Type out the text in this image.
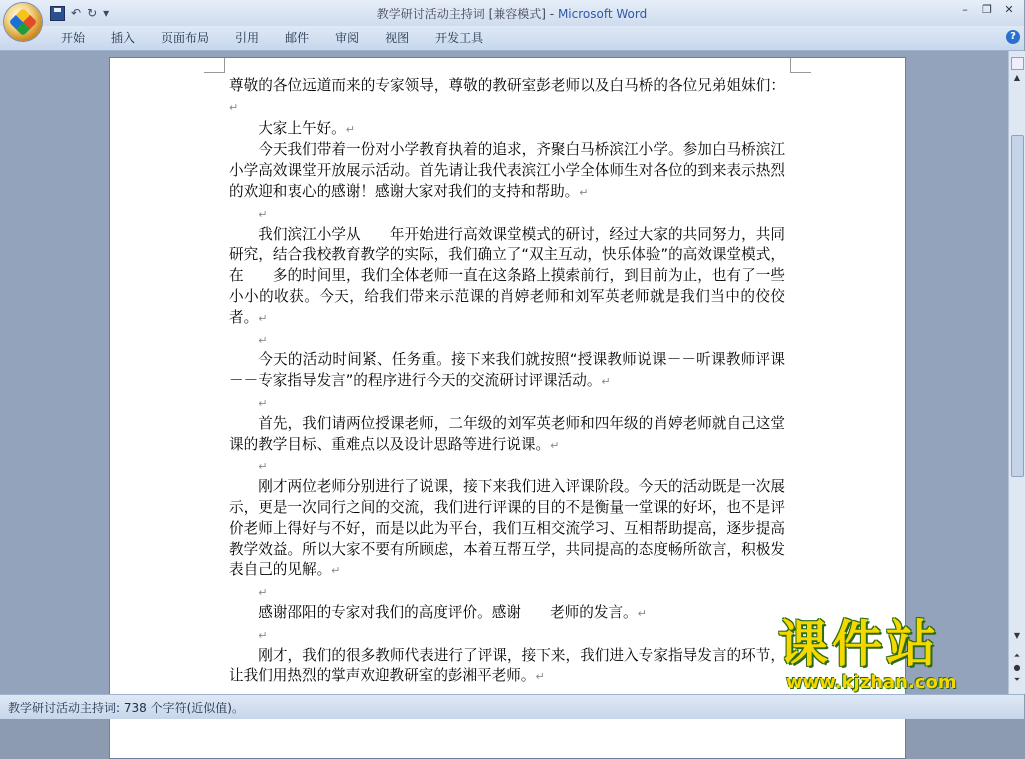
↶ ↻ ▾	教学研讨活动主持词 [兼容模式] - Microsoft Word	–	❐	✕
开始	插入	页面布局	引用	邮件	审阅	视图	开发工具	?

尊敬的各位远道而来的专家领导，尊敬的教研室彭老师以及白马桥的各位兄弟姐妹们：↵

大家上午好。↵

今天我们带着一份对小学教育执着的追求，齐聚白马桥滨江小学。参加白马桥滨江小学高效课堂开放展示活动。首先请让我代表滨江小学全体师生对各位的到来表示热烈的欢迎和衷心的感谢！感谢大家对我们的支持和帮助。↵

↵

我们滨江小学从　　年开始进行高效课堂模式的研讨，经过大家的共同努力，共同研究，结合我校教育教学的实际，我们确立了“双主互动，快乐体验”的高效课堂模式，在　　多的时间里，我们全体老师一直在这条路上摸索前行，到目前为止，也有了一些小小的收获。今天，给我们带来示范课的肖婷老师和刘军英老师就是我们当中的佼佼者。↵

↵

今天的活动时间紧、任务重。接下来我们就按照“授课教师说课－－听课教师评课－－专家指导发言”的程序进行今天的交流研讨评课活动。↵

↵

首先，我们请两位授课老师，二年级的刘军英老师和四年级的肖婷老师就自己这堂课的教学目标、重难点以及设计思路等进行说课。↵

↵

刚才两位老师分别进行了说课，接下来我们进入评课阶段。今天的活动既是一次展示，更是一次同行之间的交流，我们进行评课的目的不是衡量一堂课的好坏，也不是评价老师上得好与不好，而是以此为平台，我们互相交流学习、互相帮助提高，逐步提高教学效益。所以大家不要有所顾虑，本着互帮互学，共同提高的态度畅所欲言，积极发表自己的见解。↵

↵

感谢邵阳的专家对我们的高度评价。感谢　　老师的发言。↵

↵

刚才，我们的很多教师代表进行了评课，接下来，我们进入专家指导发言的环节，让我们用热烈的掌声欢迎教研室的彭湘平老师。↵

▲
▼
⏶
●
⏷
教学研讨活动主持词: 738 个字符(近似值)。
课件站
www.kjzhan.com
